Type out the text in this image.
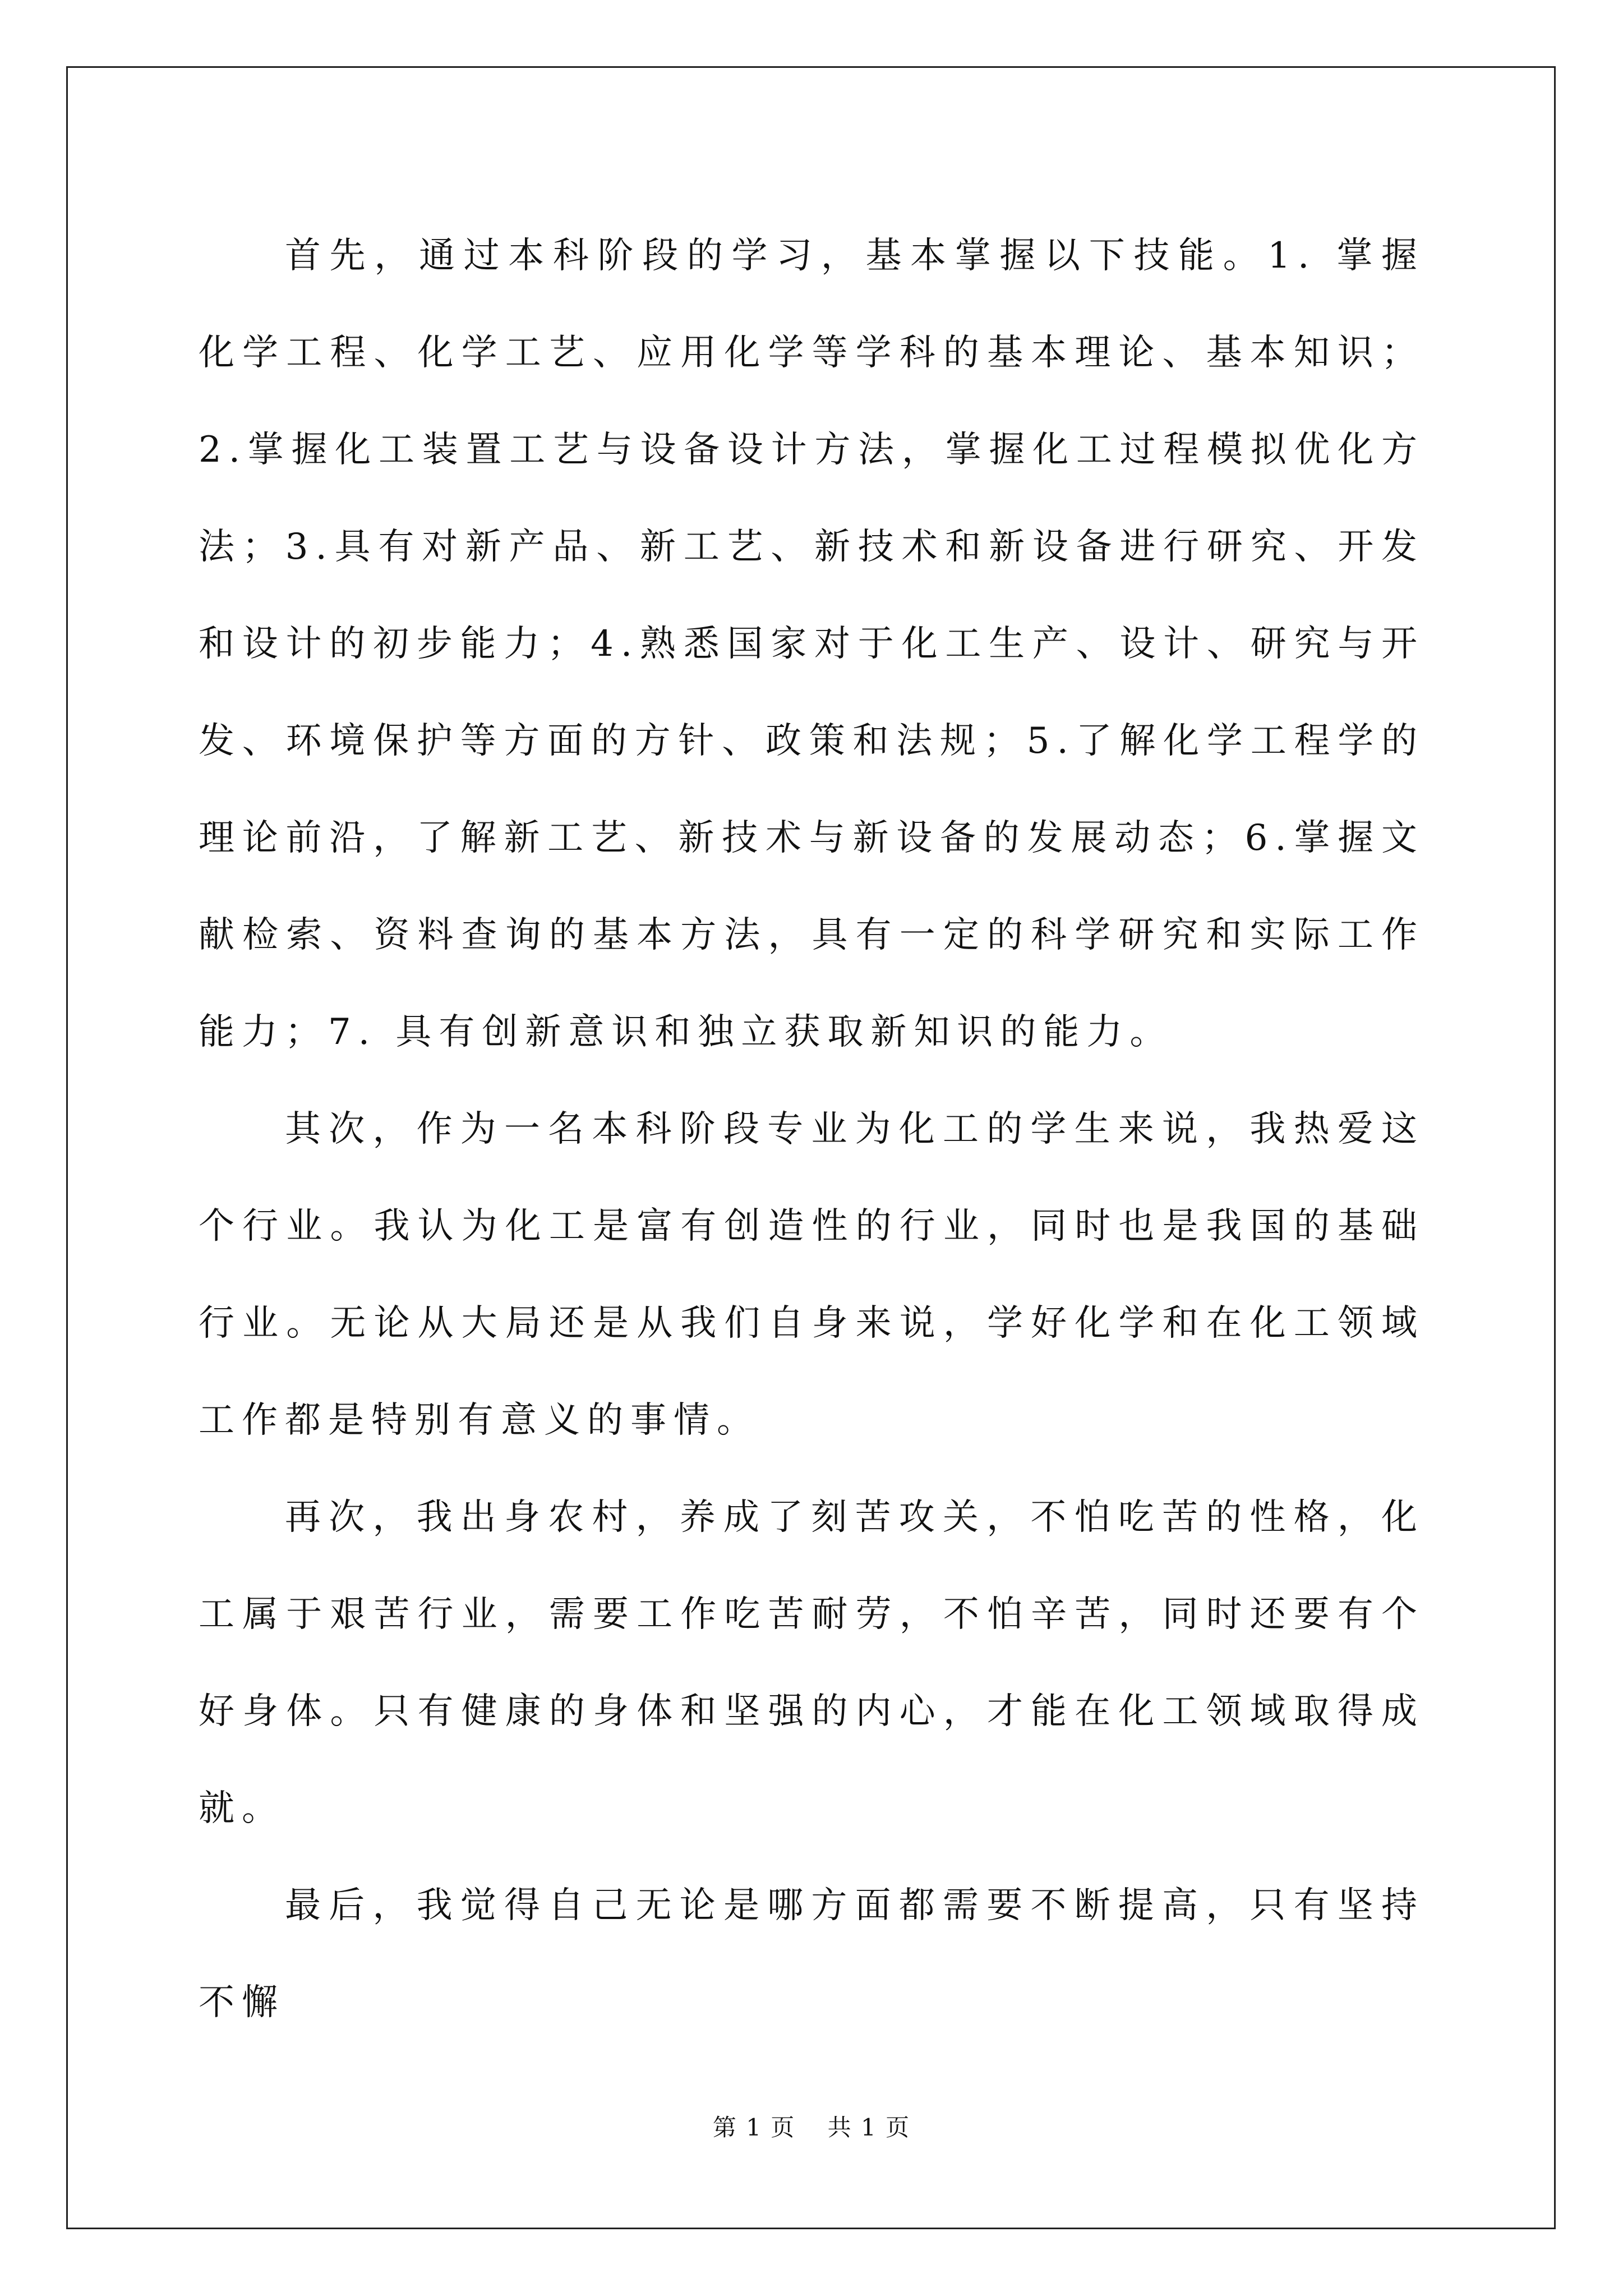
首先，通过本科阶段的学习，基本掌握以下技能。1. 掌握化学工程、化学工艺、应用化学等学科的基本理论、基本知识；2.掌握化工装置工艺与设备设计方法，掌握化工过程模拟优化方法；3.具有对新产品、新工艺、新技术和新设备进行研究、开发和设计的初步能力；4.熟悉国家对于化工生产、设计、研究与开发、环境保护等方面的方针、政策和法规；5.了解化学工程学的理论前沿，了解新工艺、新技术与新设备的发展动态；6.掌握文献检索、资料查询的基本方法，具有一定的科学研究和实际工作能力；7. 具有创新意识和独立获取新知识的能力。

其次，作为一名本科阶段专业为化工的学生来说，我热爱这个行业。我认为化工是富有创造性的行业，同时也是我国的基础行业。无论从大局还是从我们自身来说，学好化学和在化工领域工作都是特别有意义的事情。

再次，我出身农村，养成了刻苦攻关，不怕吃苦的性格，化工属于艰苦行业，需要工作吃苦耐劳，不怕辛苦，同时还要有个好身体。只有健康的身体和坚强的内心，才能在化工领域取得成就。

最后，我觉得自己无论是哪方面都需要不断提高，只有坚持不懈

第 1 页 共 1 页
